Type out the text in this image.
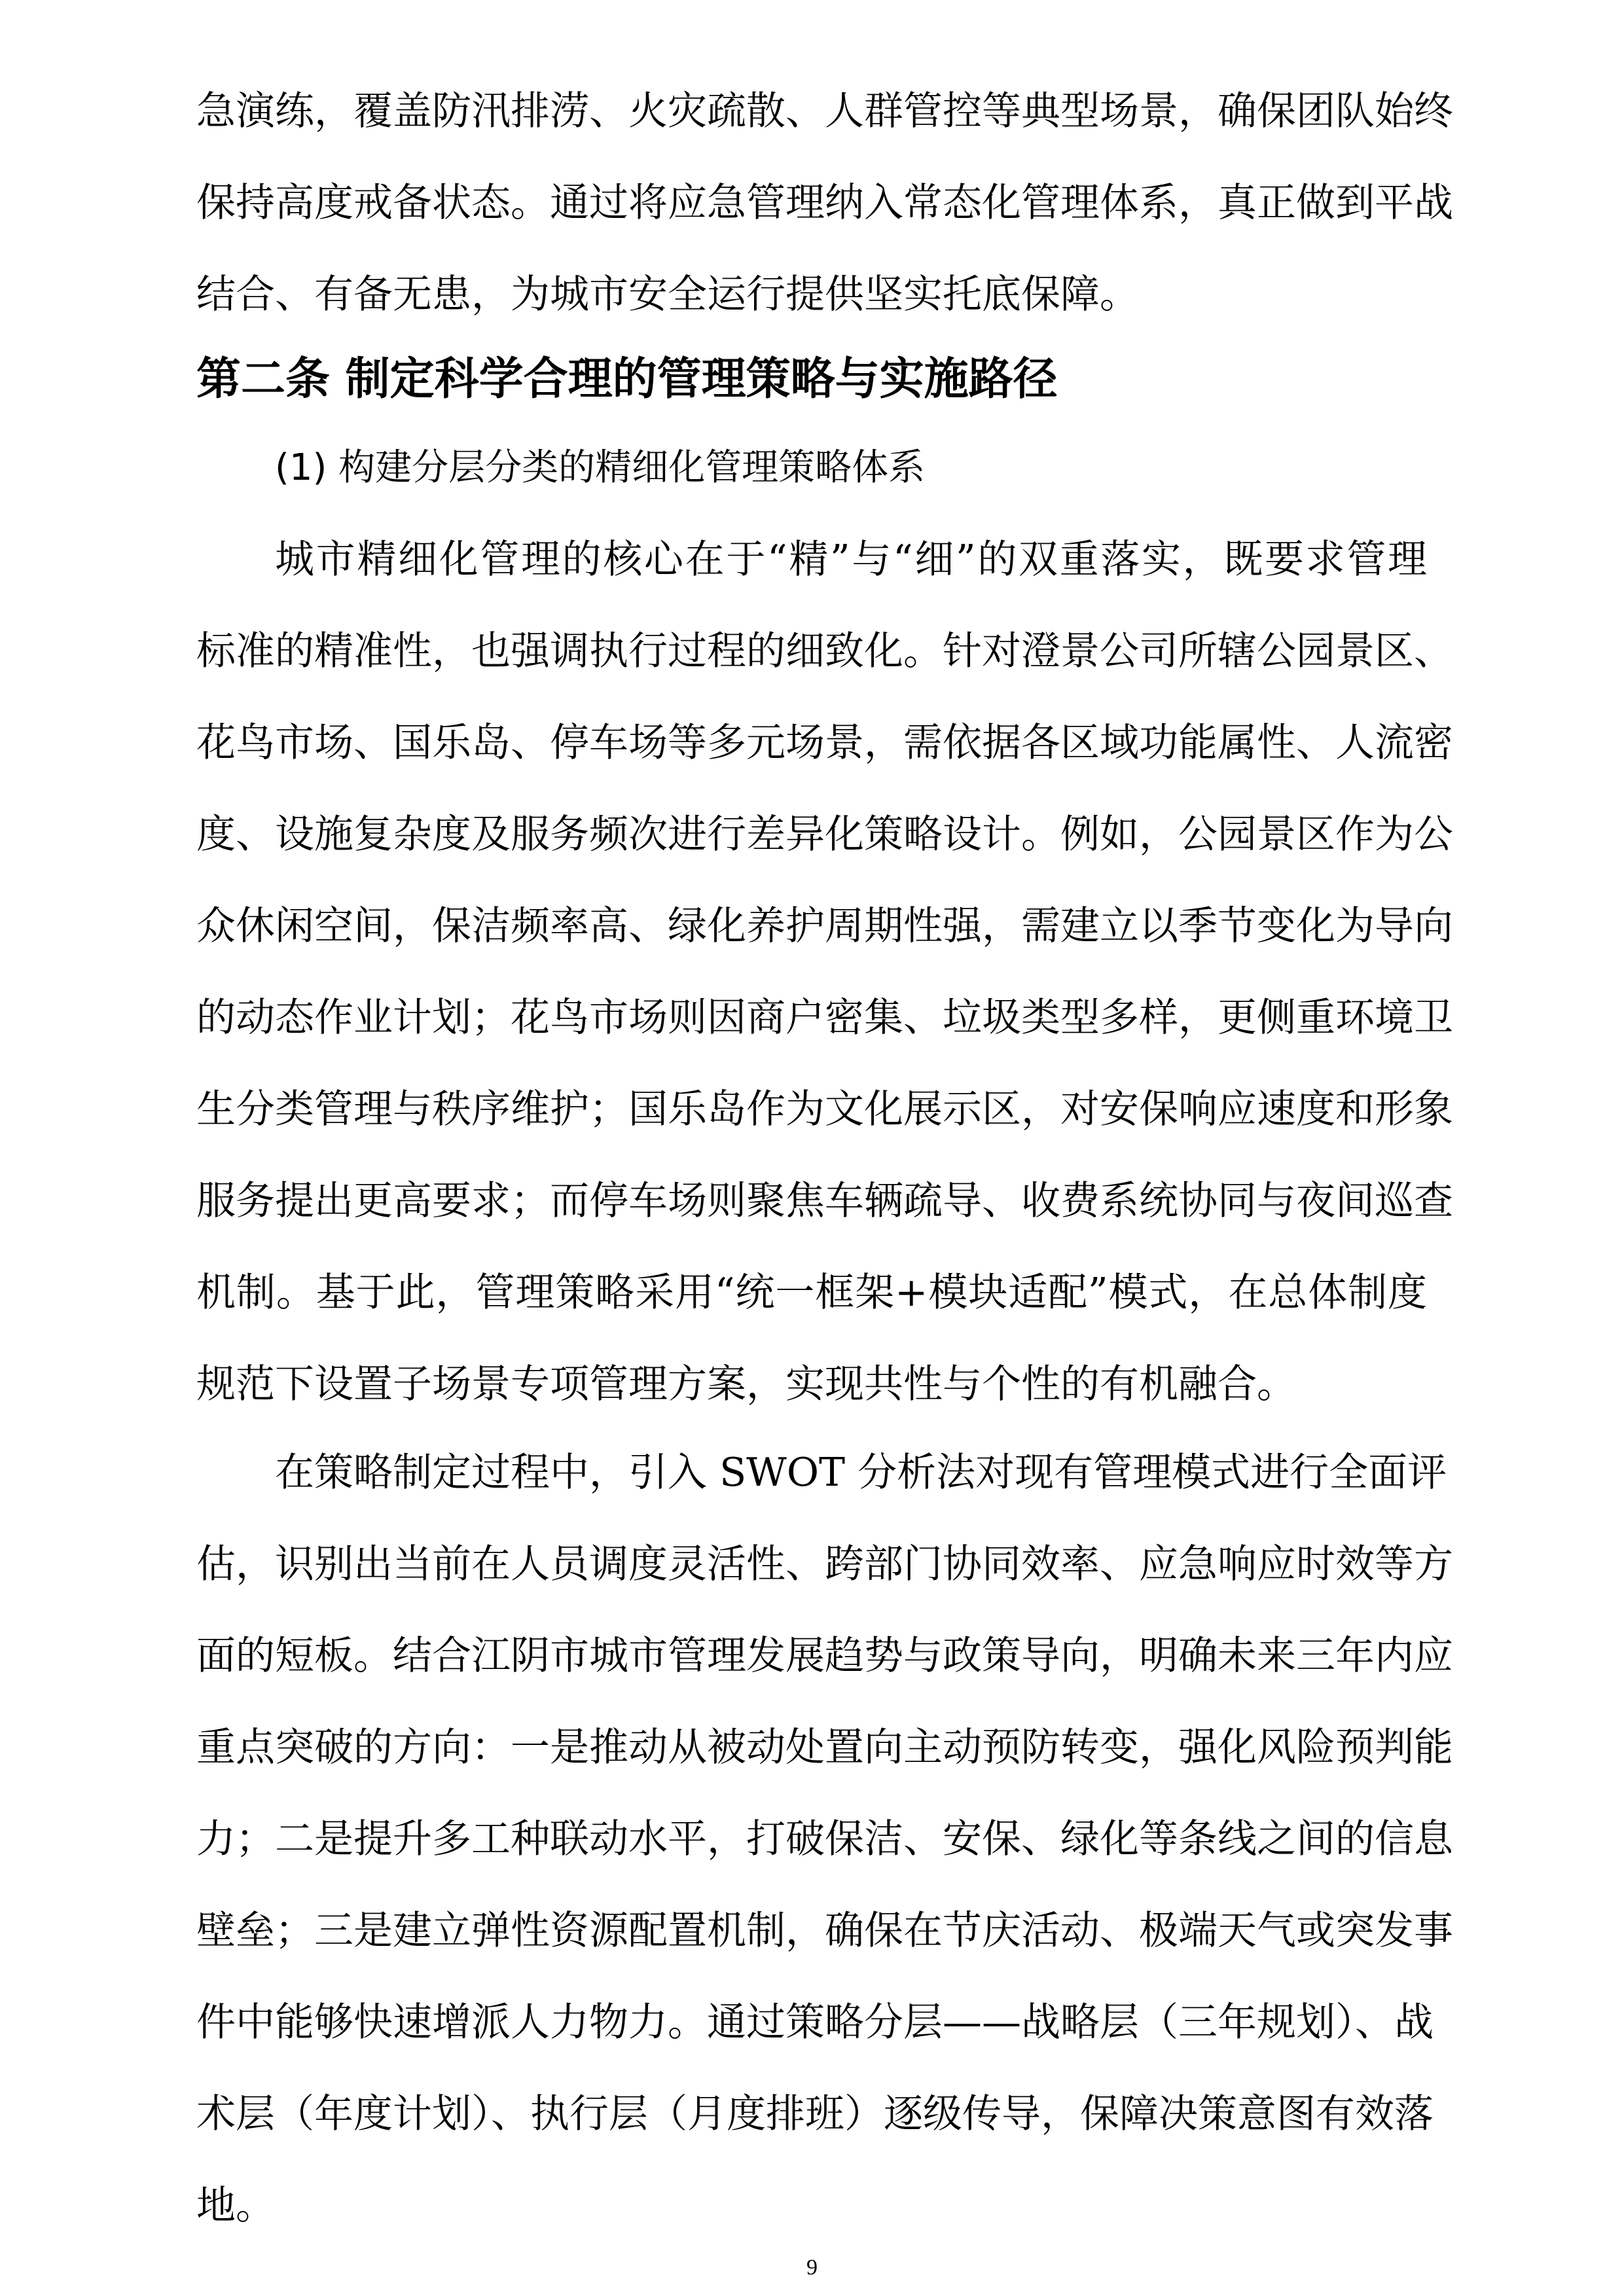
急演练，覆盖防汛排涝、火灾疏散、人群管控等典型场景，确保团队始终
保持高度戒备状态。通过将应急管理纳入常态化管理体系，真正做到平战
结合、有备无患，为城市安全运行提供坚实托底保障。
第二条 制定科学合理的管理策略与实施路径
(1) 构建分层分类的精细化管理策略体系
城市精细化管理的核心在于“精”与“细”的双重落实，既要求管理
标准的精准性，也强调执行过程的细致化。针对澄景公司所辖公园景区、
花鸟市场、国乐岛、停车场等多元场景，需依据各区域功能属性、人流密
度、设施复杂度及服务频次进行差异化策略设计。例如，公园景区作为公
众休闲空间，保洁频率高、绿化养护周期性强，需建立以季节变化为导向
的动态作业计划；花鸟市场则因商户密集、垃圾类型多样，更侧重环境卫
生分类管理与秩序维护；国乐岛作为文化展示区，对安保响应速度和形象
服务提出更高要求；而停车场则聚焦车辆疏导、收费系统协同与夜间巡查
机制。基于此，管理策略采用“统一框架+模块适配”模式，在总体制度
规范下设置子场景专项管理方案，实现共性与个性的有机融合。
在策略制定过程中，引入 SWOT 分析法对现有管理模式进行全面评
估，识别出当前在人员调度灵活性、跨部门协同效率、应急响应时效等方
面的短板。结合江阴市城市管理发展趋势与政策导向，明确未来三年内应
重点突破的方向：一是推动从被动处置向主动预防转变，强化风险预判能
力；二是提升多工种联动水平，打破保洁、安保、绿化等条线之间的信息
壁垒；三是建立弹性资源配置机制，确保在节庆活动、极端天气或突发事
件中能够快速增派人力物力。通过策略分层——战略层（三年规划）、战
术层（年度计划）、执行层（月度排班）逐级传导，保障决策意图有效落
地。
9
